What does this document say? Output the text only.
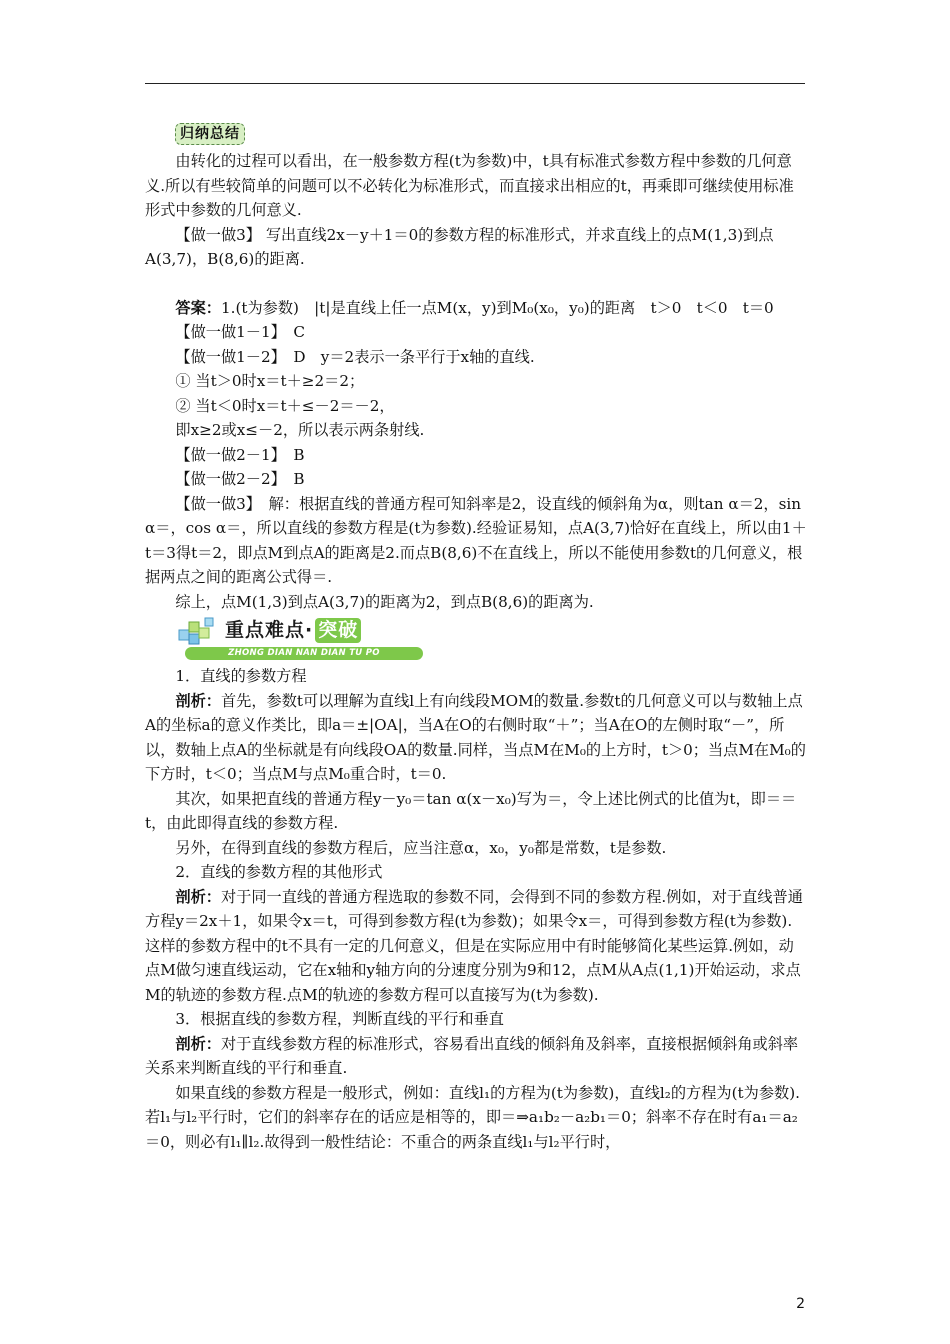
归纳总结

由转化的过程可以看出，在一般参数方程(t为参数)中，t具有标准式参数方程中参数的几何意义.所以有些较简单的问题可以不必转化为标准形式，而直接求出相应的t，再乘即可继续使用标准形式中参数的几何意义.

【做一做3】 写出直线2x－y＋1＝0的参数方程的标准形式，并求直线上的点M(1,3)到点A(3,7)，B(8,6)的距离.

答案：1.(t为参数)　|t|是直线上任一点M(x，y)到M₀(x₀，y₀)的距离　t＞0　t＜0　t＝0

【做一做1－1】　C

【做一做1－2】　D　y＝2表示一条平行于x轴的直线.

① 当t＞0时x＝t＋≥2＝2；

② 当t＜0时x＝t＋≤－2＝－2，

即x≥2或x≤－2，所以表示两条射线.

【做一做2－1】　B

【做一做2－2】　B

【做一做3】　解：根据直线的普通方程可知斜率是2，设直线的倾斜角为α，则tan α＝2，sin α＝，cos α＝，所以直线的参数方程是(t为参数).经验证易知，点A(3,7)恰好在直线上，所以由1＋t＝3得t＝2，即点M到点A的距离是2.而点B(8,6)不在直线上，所以不能使用参数t的几何意义，根据两点之间的距离公式得＝.

综上，点M(1,3)到点A(3,7)的距离为2，到点B(8,6)的距离为.

重点难点· 突破
ZHONG DIAN NAN DIAN TU PO

1．直线的参数方程

剖析：首先，参数t可以理解为直线l上有向线段MOM的数量.参数t的几何意义可以与数轴上点A的坐标a的意义作类比，即a＝±|OA|，当A在O的右侧时取“＋”；当A在O的左侧时取“－”，所以，数轴上点A的坐标就是有向线段OA的数量.同样，当点M在M₀的上方时，t＞0；当点M在M₀的下方时，t＜0；当点M与点M₀重合时，t＝0.

其次，如果把直线的普通方程y－y₀＝tan α(x－x₀)写为＝，令上述比例式的比值为t，即＝＝t，由此即得直线的参数方程.

另外，在得到直线的参数方程后，应当注意α，x₀，y₀都是常数，t是参数.

2．直线的参数方程的其他形式

剖析：对于同一直线的普通方程选取的参数不同，会得到不同的参数方程.例如，对于直线普通方程y＝2x＋1，如果令x＝t，可得到参数方程(t为参数)；如果令x＝，可得到参数方程(t为参数).这样的参数方程中的t不具有一定的几何意义，但是在实际应用中有时能够简化某些运算.例如，动点M做匀速直线运动，它在x轴和y轴方向的分速度分别为9和12，点M从A点(1,1)开始运动，求点M的轨迹的参数方程.点M的轨迹的参数方程可以直接写为(t为参数).

3．根据直线的参数方程，判断直线的平行和垂直

剖析：对于直线参数方程的标准形式，容易看出直线的倾斜角及斜率，直接根据倾斜角或斜率关系来判断直线的平行和垂直.

如果直线的参数方程是一般形式，例如：直线l₁的方程为(t为参数)，直线l₂的方程为(t为参数).若l₁与l₂平行时，它们的斜率存在的话应是相等的，即＝⇒a₁b₂－a₂b₁＝0；斜率不存在时有a₁＝a₂＝0，则必有l₁∥l₂.故得到一般性结论：不重合的两条直线l₁与l₂平行时，

2
